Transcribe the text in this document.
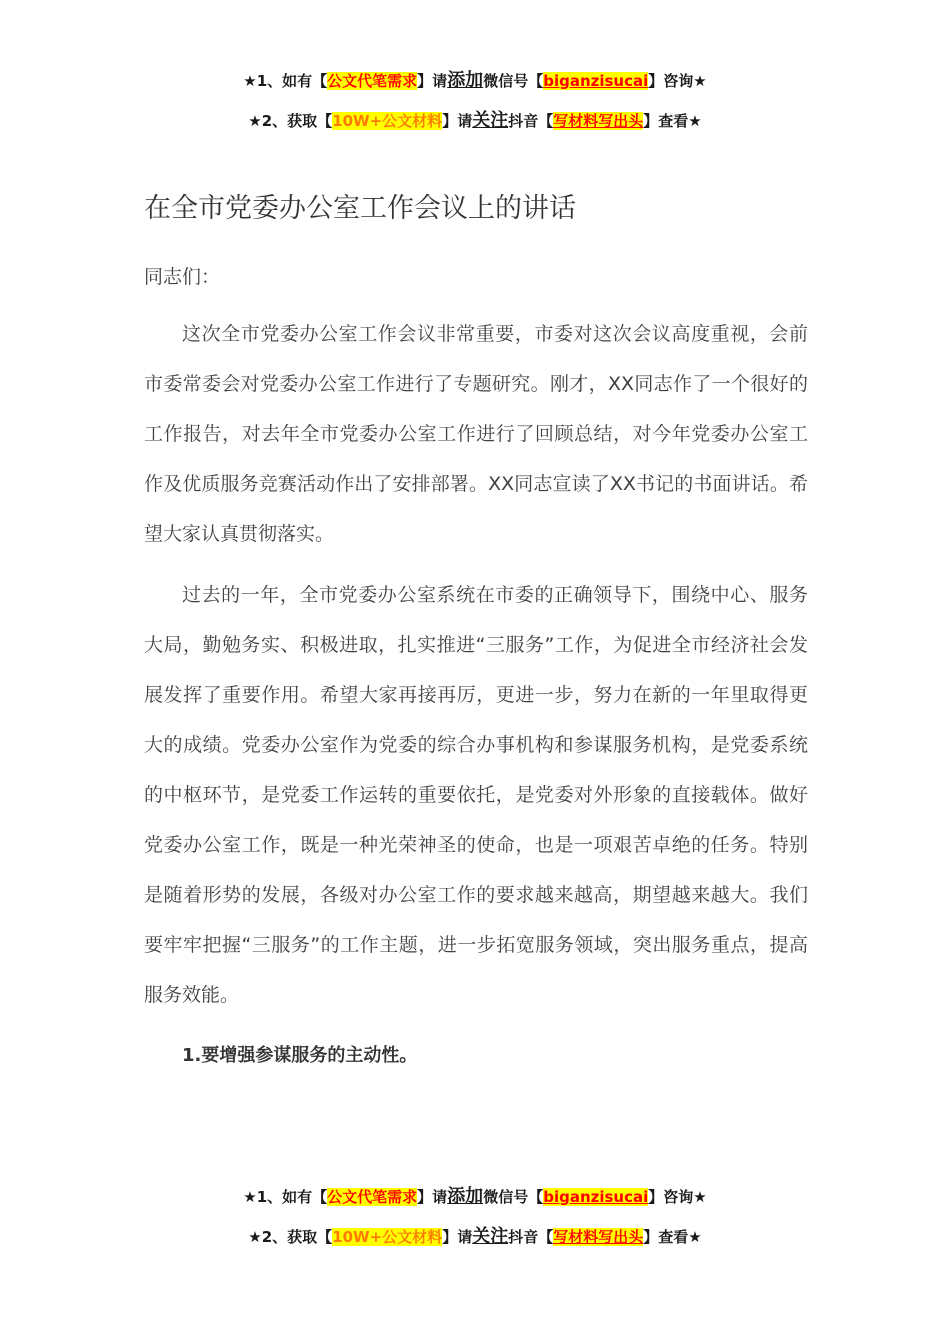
★1、如有【公文代笔需求】请添加微信号【biganzisucai】咨询★
★2、获取【10W+公文材料】请关注抖音【写材料写出头】查看★
在全市党委办公室工作会议上的讲话
同志们：

这次全市党委办公室工作会议非常重要，市委对这次会议高度重视，会前市委常委会对党委办公室工作进行了专题研究。刚才，XX同志作了一个很好的工作报告，对去年全市党委办公室工作进行了回顾总结，对今年党委办公室工作及优质服务竞赛活动作出了安排部署。XX同志宣读了XX书记的书面讲话。希望大家认真贯彻落实。

过去的一年，全市党委办公室系统在市委的正确领导下，围绕中心、服务大局，勤勉务实、积极进取，扎实推进“三服务”工作，为促进全市经济社会发展发挥了重要作用。希望大家再接再厉，更进一步，努力在新的一年里取得更大的成绩。党委办公室作为党委的综合办事机构和参谋服务机构，是党委系统的中枢环节，是党委工作运转的重要依托，是党委对外形象的直接载体。做好党委办公室工作，既是一种光荣神圣的使命，也是一项艰苦卓绝的任务。特别是随着形势的发展，各级对办公室工作的要求越来越高，期望越来越大。我们要牢牢把握“三服务”的工作主题，进一步拓宽服务领域，突出服务重点，提高服务效能。

1.要增强参谋服务的主动性。
★1、如有【公文代笔需求】请添加微信号【biganzisucai】咨询★
★2、获取【10W+公文材料】请关注抖音【写材料写出头】查看★
